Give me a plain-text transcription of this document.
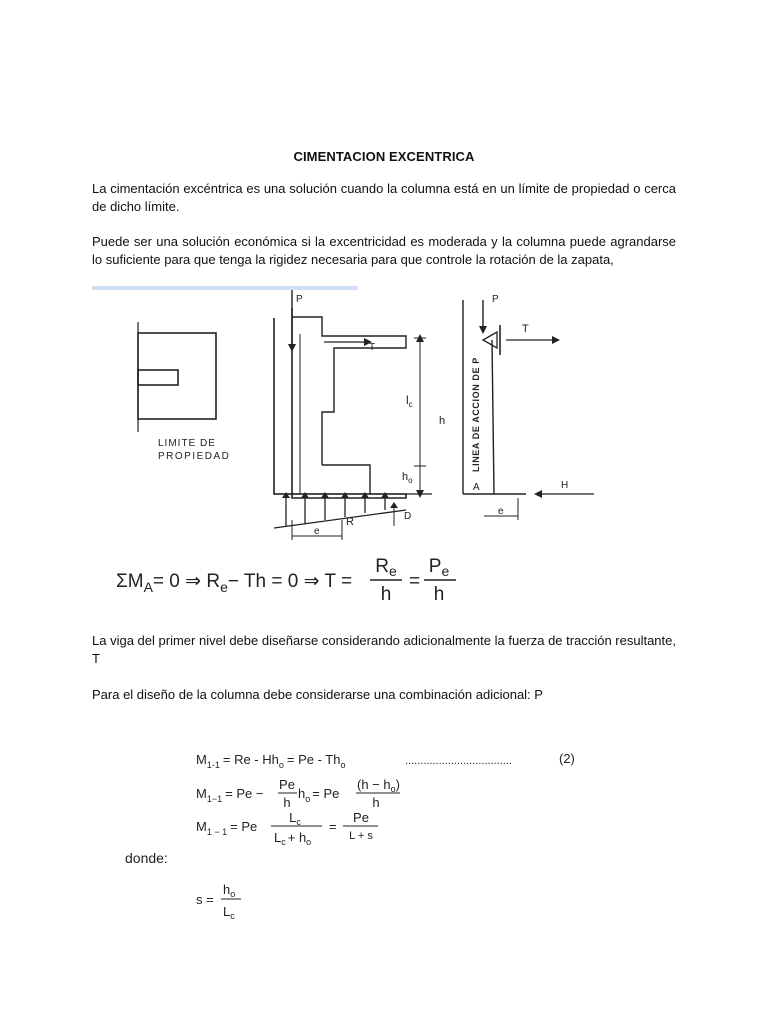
CIMENTACION EXCENTRICA
La cimentación excéntrica es una solución cuando la columna está en un límite de propiedad o cerca de dicho límite.
Puede ser una solución económica si la excentricidad es moderada y la columna puede agrandarse lo suficiente para que tenga la rigidez necesaria para que controle la rotación de la zapata,
LIMITE DE
PROPIEDAD
P
T
$l_c$
h
$h_o$
R
e
D
P
T
LINEA DE ACCION DE P
A	H
e
$\Sigma M_A= 0$ ⇒ $R_e- Th = 0$ ⇒ T =
$R_e$
h
=
$P_e$
h
La viga del primer nivel debe diseñarse considerando adicionalmente la fuerza de tracción resultante, T
Para el diseño de la columna debe considerarse una combinación adicional: P
$M_{1-1} = Re - Hh_o = Pe - Th_o$	...................................	(2)
$M_{1-1} = Pe$ −
Pe
h
$h_o = Pe$
$(h - h_o)$
h
$M_{1 - 1} = Pe$
$L_c$
$L_c + h_o$
=
Pe
L + s
donde:
s =
$h_o$
$L_c$
